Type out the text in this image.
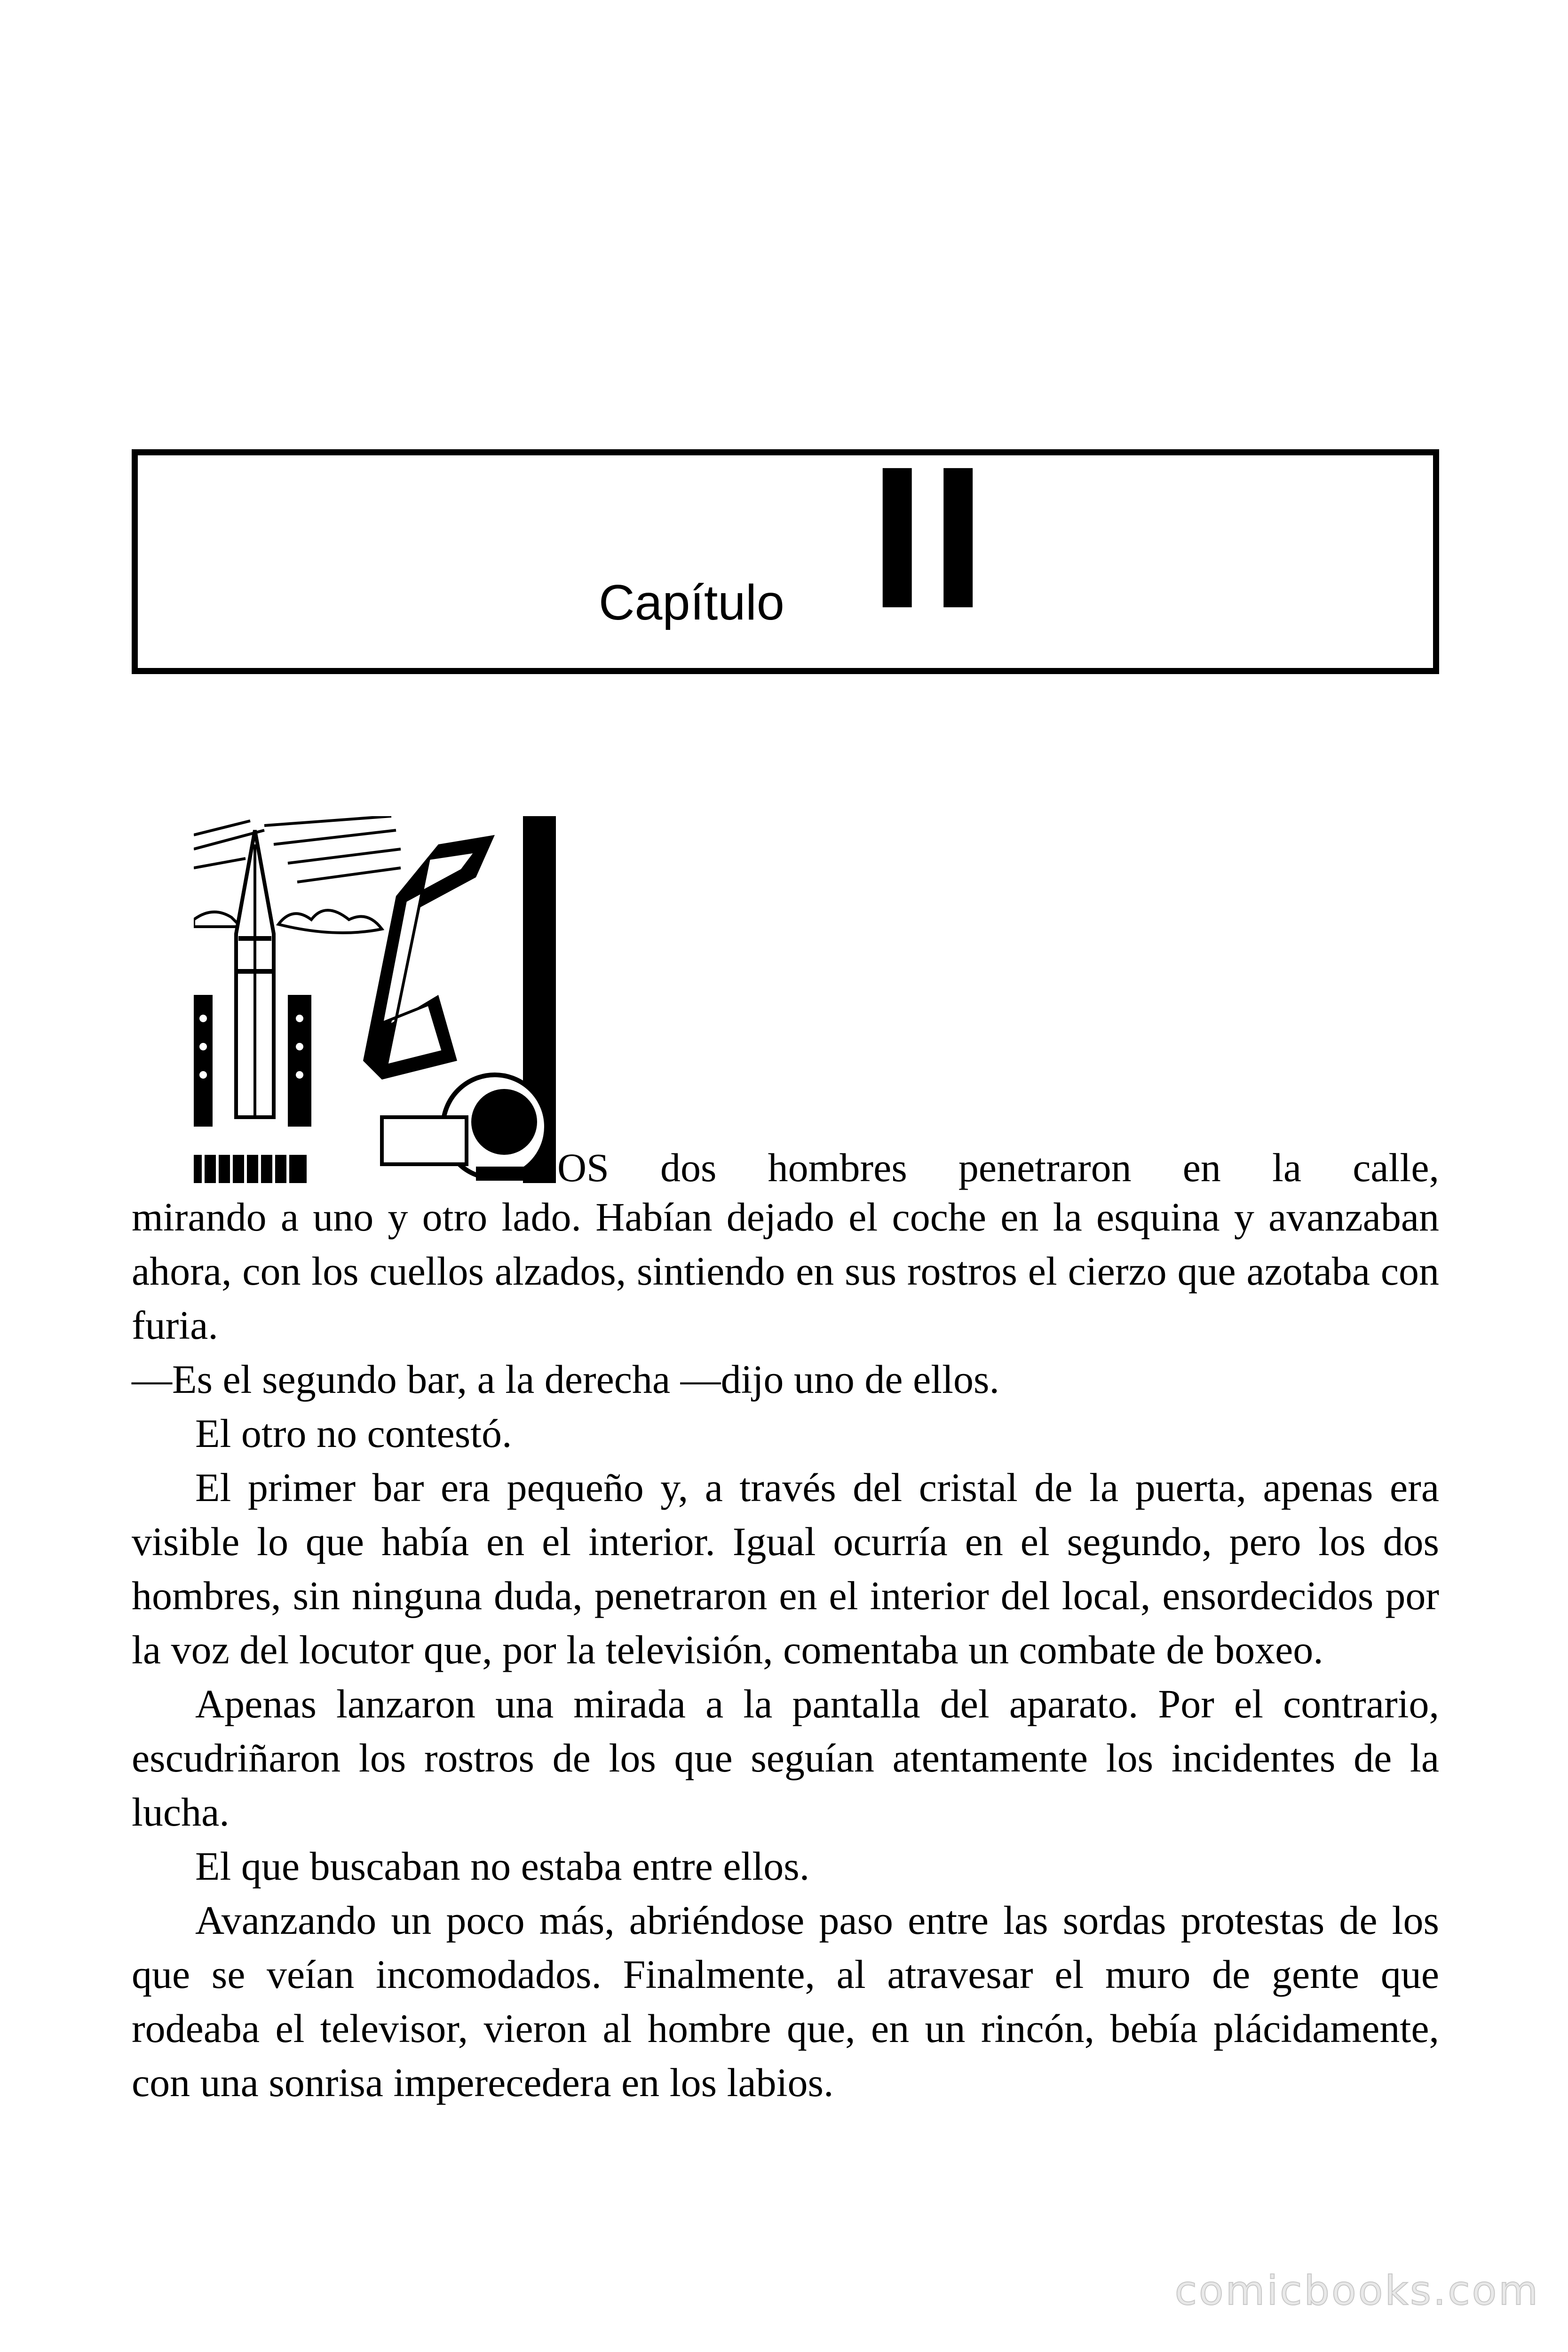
Capítulo II

OS dos hombres penetraron en la calle,

mirando a uno y otro lado. Habían dejado el coche en la esquina y avanzaban ahora, con los cuellos alzados, sintiendo en sus rostros el cierzo que azotaba con furia.

—Es el segundo bar, a la derecha —dijo uno de ellos.

El otro no contestó.

El primer bar era pequeño y, a través del cristal de la puerta, apenas era visible lo que había en el interior. Igual ocurría en el segundo, pero los dos hombres, sin ninguna duda, penetraron en el interior del local, ensordecidos por la voz del locutor que, por la televisión, comentaba un combate de boxeo.

Apenas lanzaron una mirada a la pantalla del aparato. Por el contrario, escudriñaron los rostros de los que seguían atentamente los incidentes de la lucha.

El que buscaban no estaba entre ellos.

Avanzando un poco más, abriéndose paso entre las sordas protestas de los que se veían incomodados. Finalmente, al atravesar el muro de gente que rodeaba el televisor, vieron al hombre que, en un rincón, bebía plácidamente, con una sonrisa imperecedera en los labios.

comicbooks.com
